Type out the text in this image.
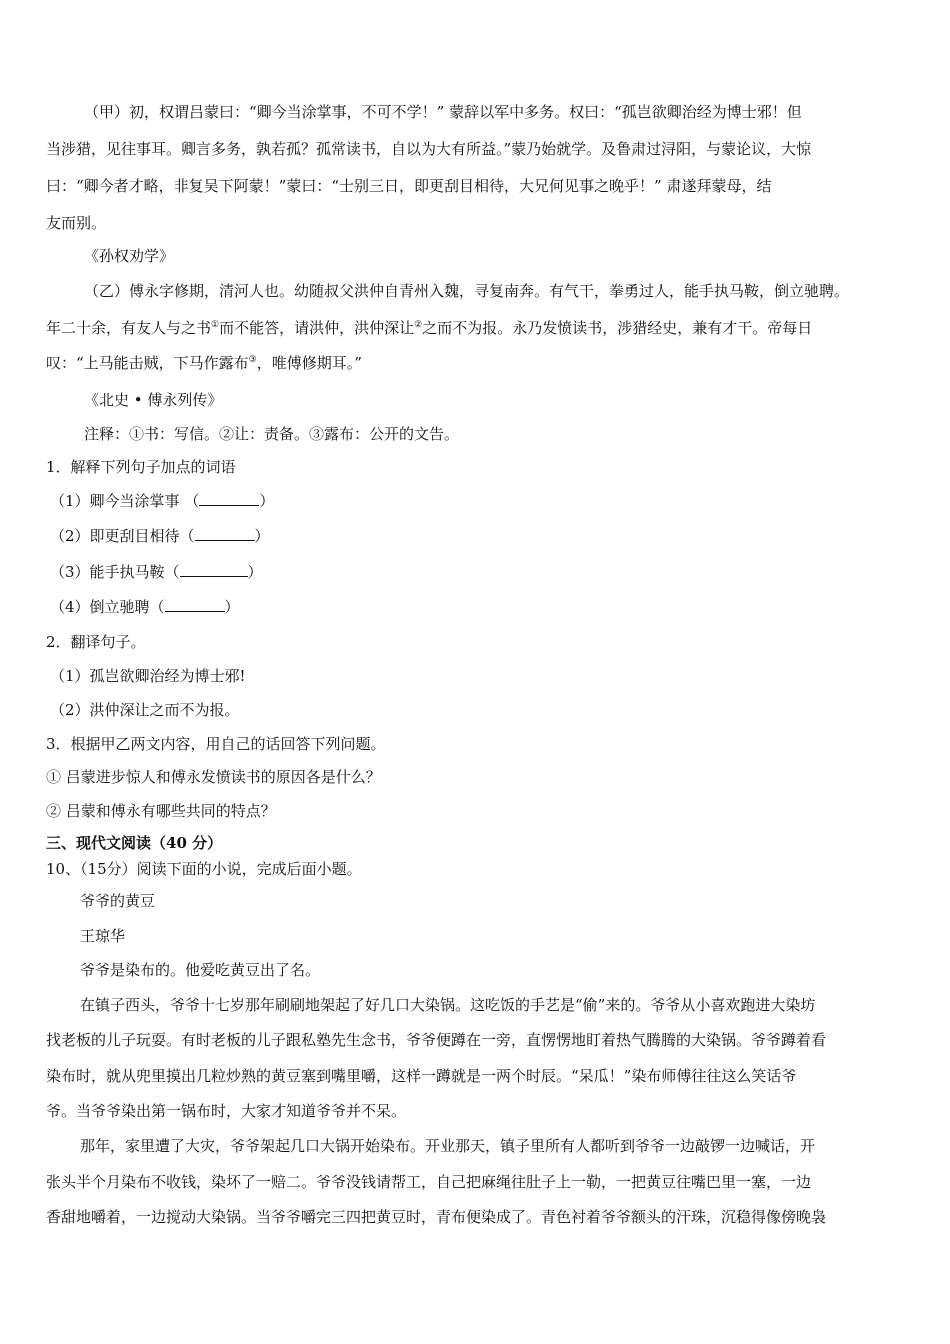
（甲）初，权谓吕蒙曰：“卿今当涂掌事，不可不学！” 蒙辞以军中多务。权曰：“孤岂欲卿治经为博士邪！但
当涉猎，见往事耳。卿言多务，孰若孤？孤常读书，自以为大有所益。”蒙乃始就学。及鲁肃过浔阳，与蒙论议，大惊
曰：“卿今者才略，非复吴下阿蒙！”蒙曰：“士别三日，即更刮目相待，大兄何见事之晚乎！” 肃遂拜蒙母，结
友而别。
《孙权劝学》
（乙）傅永字修期，清河人也。幼随叔父洪仲自青州入魏，寻复南奔。有气干，拳勇过人，能手执马鞍，倒立驰聘。
年二十余，有友人与之书①而不能答，请洪仲，洪仲深让②之而不为报。永乃发愤读书，涉猎经史，兼有才干。帝每日
叹：“上马能击贼，下马作露布③，唯傅修期耳。”
《北史 • 傅永列传》
注释：①书：写信。②让：责备。③露布：公开的文告。
1．解释下列句子加点的词语
（1）卿今当涂掌事 （	）
（2）即更刮目相待（	）
（3）能手执马鞍（	）
（4）倒立驰聘（	）
2．翻译句子。
（1）孤岂欲卿治经为博士邪!
（2）洪仲深让之而不为报。
3．根据甲乙两文内容，用自己的话回答下列问题。
① 吕蒙进步惊人和傅永发愤读书的原因各是什么？
② 吕蒙和傅永有哪些共同的特点？
三、现代文阅读（40 分）
10、（15分）阅读下面的小说，完成后面小题。
爷爷的黄豆
王琼华
爷爷是染布的。他爱吃黄豆出了名。
在镇子西头，爷爷十七岁那年刷刷地架起了好几口大染锅。这吃饭的手艺是“偷”来的。爷爷从小喜欢跑进大染坊
找老板的儿子玩耍。有时老板的儿子跟私塾先生念书，爷爷便蹲在一旁，直愣愣地盯着热气腾腾的大染锅。爷爷蹲着看
染布时，就从兜里摸出几粒炒熟的黄豆塞到嘴里嚼，这样一蹲就是一两个时辰。“呆瓜！”染布师傅往往这么笑话爷
爷。当爷爷染出第一锅布时，大家才知道爷爷并不呆。
那年，家里遭了大灾，爷爷架起几口大锅开始染布。开业那天，镇子里所有人都听到爷爷一边敲锣一边喊话，开
张头半个月染布不收钱，染坏了一赔二。爷爷没钱请帮工，自己把麻绳往肚子上一勒，一把黄豆往嘴巴里一塞，一边
香甜地嚼着，一边搅动大染锅。当爷爷嚼完三四把黄豆时，青布便染成了。青色衬着爷爷额头的汗珠，沉稳得像傍晚袅
